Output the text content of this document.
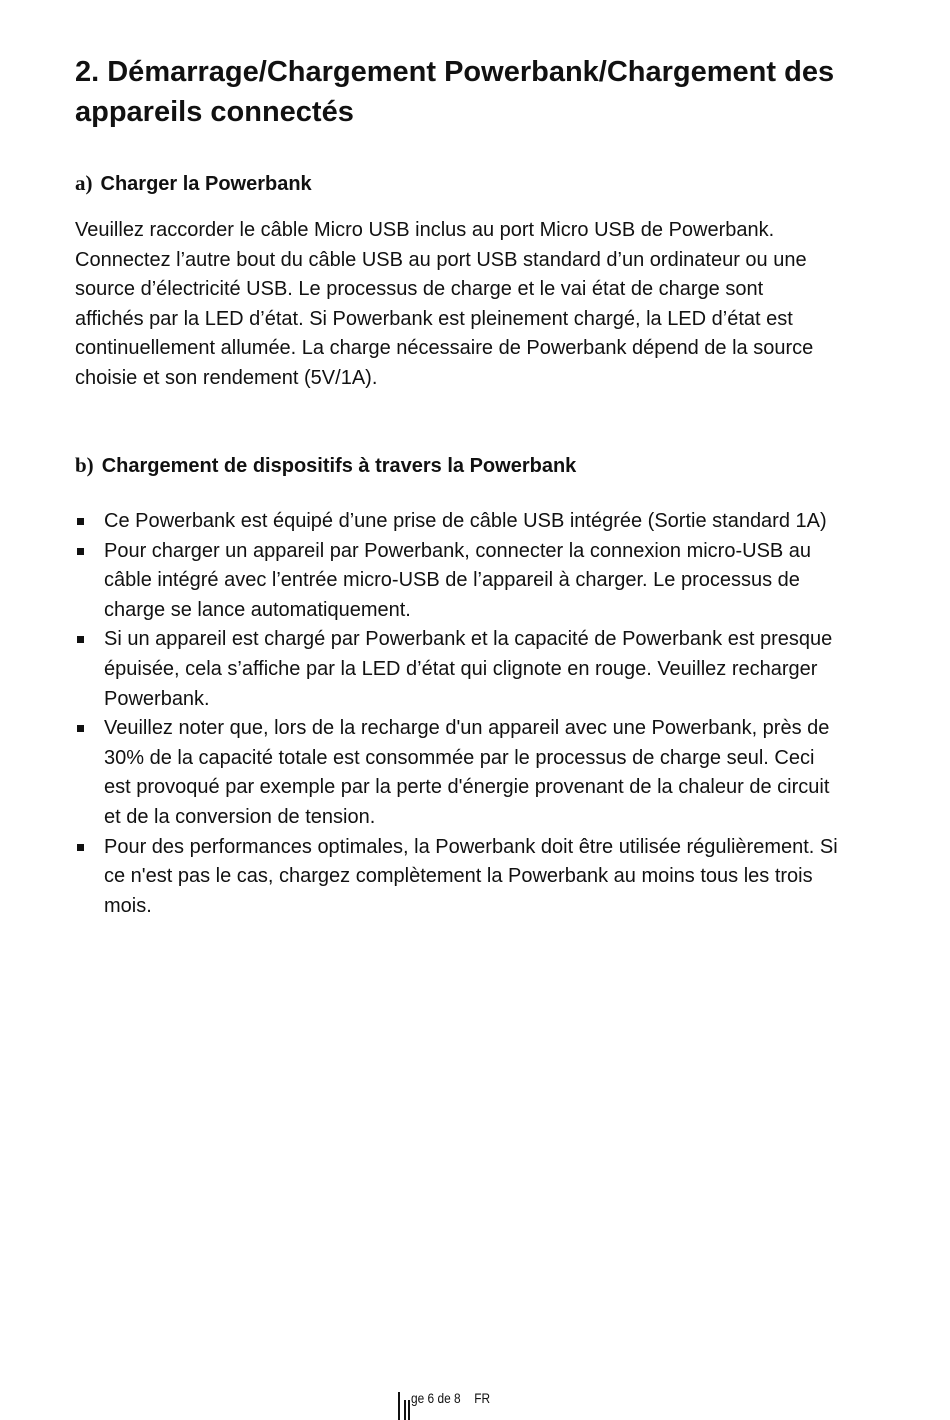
2. Démarrage/Chargement Powerbank/Chargement des appareils connectés
a) Charger la Powerbank

Veuillez raccorder le câble Micro USB inclus au port Micro USB de Powerbank. Connectez l’autre bout du câble USB au port USB standard d’un ordinateur ou une source d’électricité USB. Le processus de charge et le vai état de charge sont affichés par la LED d’état. Si Powerbank est pleinement chargé, la LED d’état est continuellement allumée. La charge nécessaire de Powerbank dépend de la source choisie et son rendement (5V/1A).

b) Chargement de dispositifs à travers la Powerbank
Ce Powerbank est équipé d’une prise de câble USB intégrée (Sortie standard 1A)
Pour charger un appareil par Powerbank, connecter la connexion micro-USB au câble intégré avec l’entrée micro-USB de l’appareil à charger. Le processus de charge se lance automatiquement.
Si un appareil est chargé par Powerbank et la capacité de Powerbank est presque épuisée, cela s’affiche par la LED d’état qui clignote en rouge. Veuillez recharger Powerbank.
Veuillez noter que, lors de la recharge d'un appareil avec une Powerbank, près de 30% de la capacité totale est consommée par le processus de charge seul. Ceci est provoqué par exemple par la perte d'énergie provenant de la chaleur de circuit et de la conversion de tension.
Pour des performances optimales, la Powerbank doit être utilisée régulièrement. Si ce n'est pas le cas, chargez complètement la Powerbank au moins tous les trois mois.
ge 6 de 8 FR
